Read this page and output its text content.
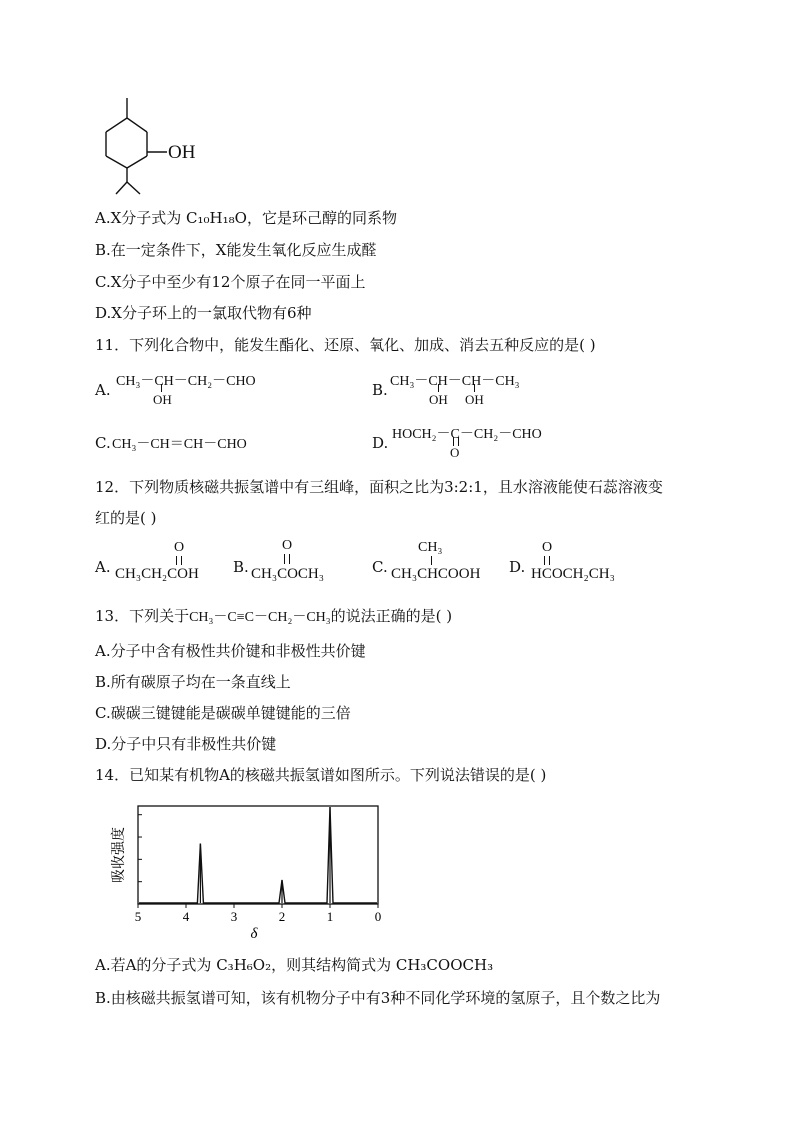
OH
A.X分子式为 C₁₀H₁₈O，它是环己醇的同系物
B.在一定条件下，X能发生氧化反应生成醛
C.X分子中至少有12个原子在同一平面上
D.X分子环上的一氯取代物有6种
11．下列化合物中，能发生酯化、还原、氧化、加成、消去五种反应的是( )
A. CH₃－CH－CH₂－CHO
OH
B. CH₃－CH－CH－CH₃
OH OH
C. CH₃－CH＝CH－CHO	D. HOCH₂－C－CH₂－CHO
O
12．下列物质核磁共振氢谱中有三组峰，面积之比为3:2:1，且水溶液能使石蕊溶液变
红的是( )
A.
O
CH₃CH₂COH B.
O
CH₃COCH₃	C.
CH₃
CH₃CHCOOH D.
O
HCOCH₂CH₃
13．下列关于CH₃－C≡C－CH₂－CH₃的说法正确的是( )
A.分子中含有极性共价键和非极性共价键
B.所有碳原子均在一条直线上
C.碳碳三键键能是碳碳单键键能的三倍
D.分子中只有非极性共价键
14．已知某有机物A的核磁共振氢谱如图所示。下列说法错误的是( )
5	4	3	2	1	0
吸收强度
δ
A.若A的分子式为 C₃H₆O₂，则其结构简式为 CH₃COOCH₃
B.由核磁共振氢谱可知，该有机物分子中有3种不同化学环境的氢原子，且个数之比为
